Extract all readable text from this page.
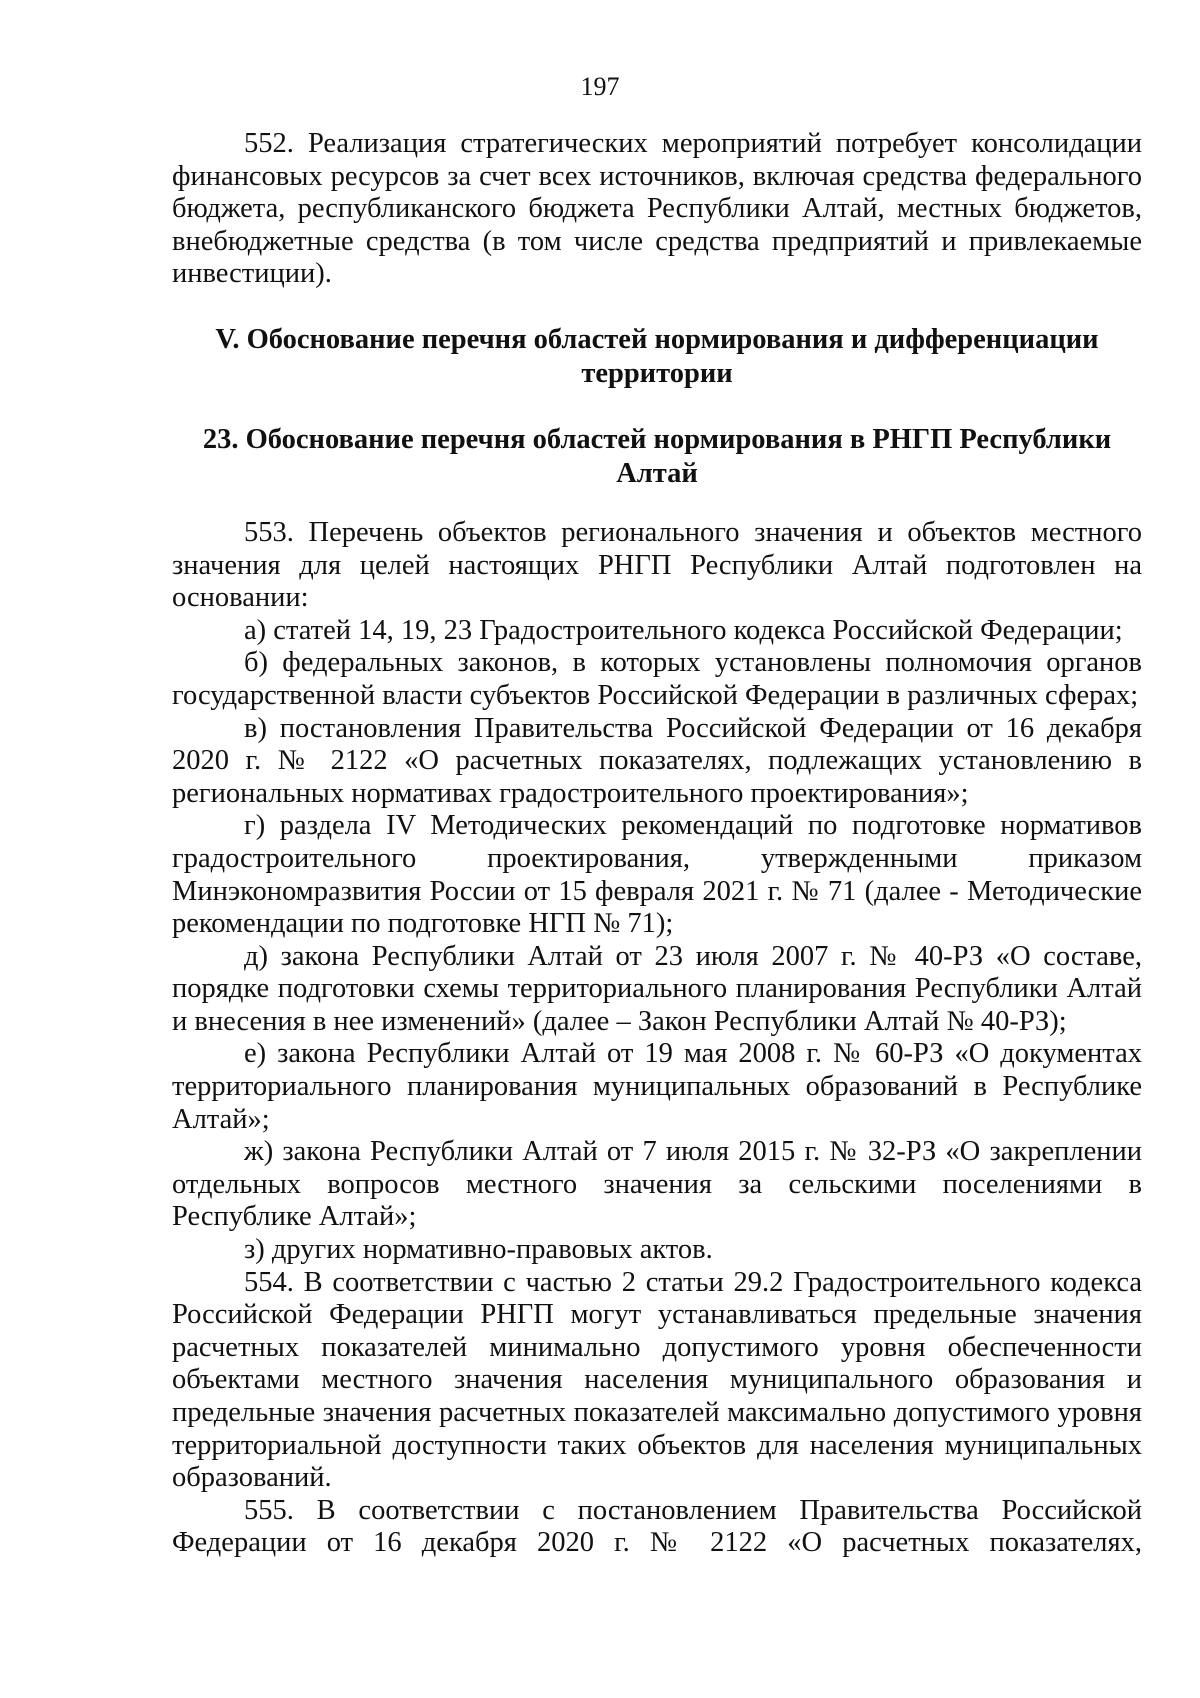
197

552. Реализация стратегических мероприятий потребует консолидации финансовых ресурсов за счет всех источников, включая средства федерального бюджета, республиканского бюджета Республики Алтай, местных бюджетов, внебюджетные средства (в том числе средства предприятий и привлекаемые инвестиции).

V. Обоснование перечня областей нормирования и дифференциации
территории
23. Обоснование перечня областей нормирования в РНГП Республики
Алтай

553. Перечень объектов регионального значения и объектов местного значения для целей настоящих РНГП Республики Алтай подготовлен на основании:

а) статей 14, 19, 23 Градостроительного кодекса Российской Федерации;

б) федеральных законов, в которых установлены полномочия органов государственной власти субъектов Российской Федерации в различных сферах;

в) постановления Правительства Российской Федерации от 16 декабря 2020 г. № 2122 «О расчетных показателях, подлежащих установлению в региональных нормативах градостроительного проектирования»;

г) раздела IV Методических рекомендаций по подготовке нормативов градостроительного проектирования, утвержденными приказом Минэкономразвития России от 15 февраля 2021 г. № 71 (далее - Методические рекомендации по подготовке НГП № 71);

д) закона Республики Алтай от 23 июля 2007 г. № 40-РЗ «О составе, порядке подготовки схемы территориального планирования Республики Алтай и внесения в нее изменений» (далее – Закон Республики Алтай № 40-РЗ);

е) закона Республики Алтай от 19 мая 2008 г. № 60-РЗ «О документах территориального планирования муниципальных образований в Республике Алтай»;

ж) закона Республики Алтай от 7 июля 2015 г. № 32-РЗ «О закреплении отдельных вопросов местного значения за сельскими поселениями в Республике Алтай»;

з) других нормативно-правовых актов.

554. В соответствии с частью 2 статьи 29.2 Градостроительного кодекса Российской Федерации РНГП могут устанавливаться предельные значения расчетных показателей минимально допустимого уровня обеспеченности объектами местного значения населения муниципального образования и предельные значения расчетных показателей максимально допустимого уровня территориальной доступности таких объектов для населения муниципальных образований.

555. В соответствии с постановлением Правительства Российской Федерации от 16 декабря 2020 г. № 2122 «О расчетных показателях,
